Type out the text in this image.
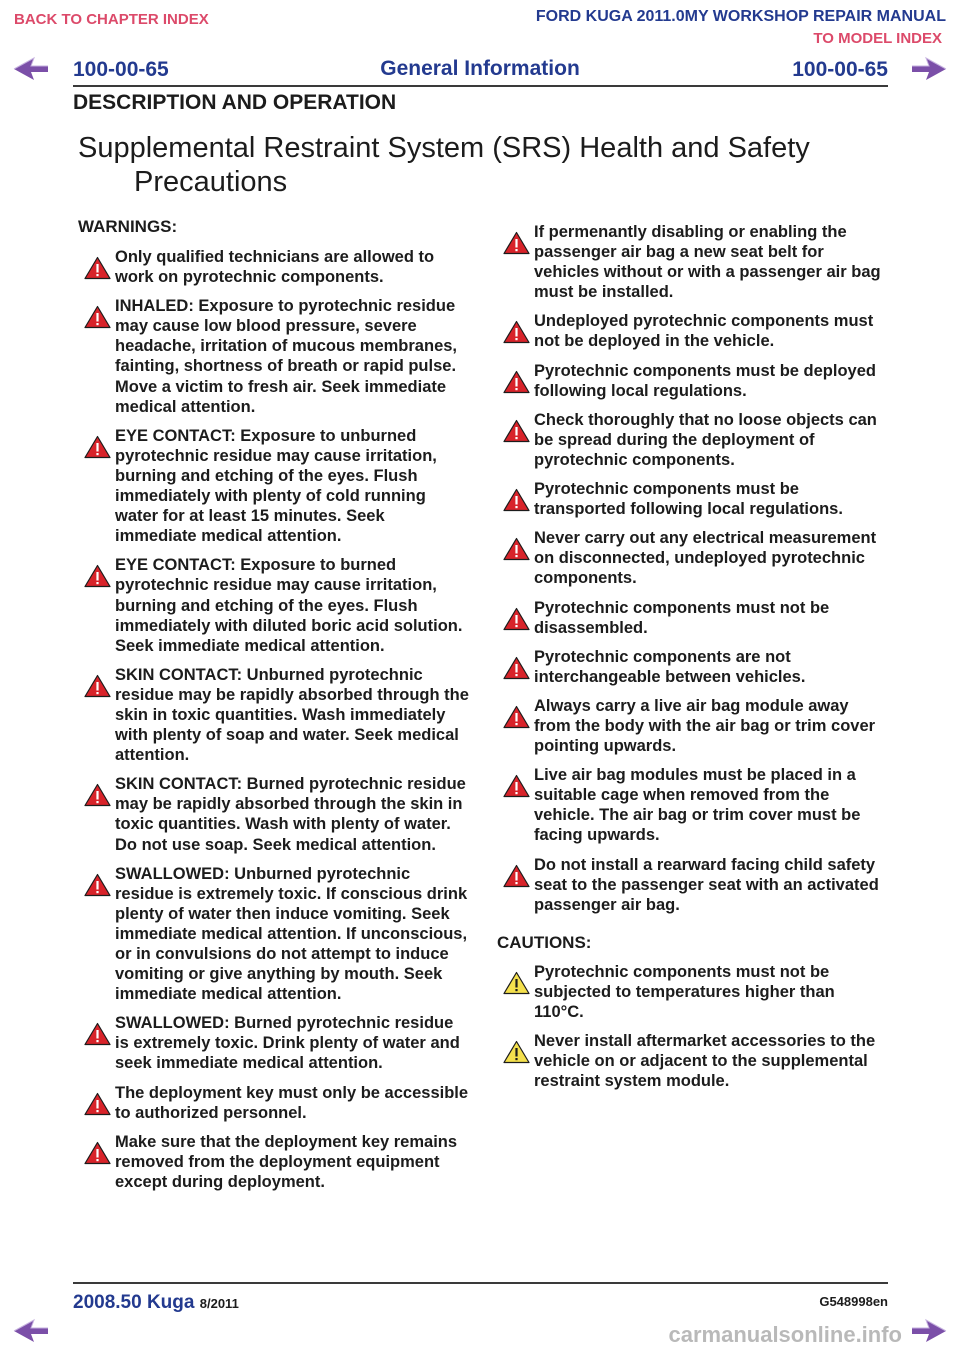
BACK TO CHAPTER INDEX	FORD KUGA 2011.0MY WORKSHOP REPAIR MANUAL
TO MODEL INDEX
100-00-65	General Information	100-00-65
DESCRIPTION AND OPERATION
Supplemental Restraint System (SRS) Health and Safety
Precautions
WARNINGS:
Only qualified technicians are allowed to work on pyrotechnic components.
INHALED: Exposure to pyrotechnic residue may cause low blood pressure, severe headache, irritation of mucous membranes, fainting, shortness of breath or rapid pulse. Move a victim to fresh air. Seek immediate medical attention.
EYE CONTACT: Exposure to unburned pyrotechnic residue may cause irritation, burning and etching of the eyes. Flush immediately with plenty of cold running water for at least 15 minutes. Seek immediate medical attention.
EYE CONTACT: Exposure to burned pyrotechnic residue may cause irritation, burning and etching of the eyes. Flush immediately with diluted boric acid solution. Seek immediate medical attention.
SKIN CONTACT: Unburned pyrotechnic residue may be rapidly absorbed through the skin in toxic quantities. Wash immediately with plenty of soap and water. Seek medical attention.
SKIN CONTACT: Burned pyrotechnic residue may be rapidly absorbed through the skin in toxic quantities. Wash with plenty of water. Do not use soap. Seek medical attention.
SWALLOWED: Unburned pyrotechnic residue is extremely toxic. If conscious drink plenty of water then induce vomiting. Seek immediate medical attention. If unconscious, or in convulsions do not attempt to induce vomiting or give anything by mouth. Seek immediate medical attention.
SWALLOWED: Burned pyrotechnic residue is extremely toxic. Drink plenty of water and seek immediate medical attention.
The deployment key must only be accessible to authorized personnel.
Make sure that the deployment key remains removed from the deployment equipment except during deployment.
If permenantly disabling or enabling the passenger air bag a new seat belt for vehicles without or with a passenger air bag must be installed.
Undeployed pyrotechnic components must not be deployed in the vehicle.
Pyrotechnic components must be deployed following local regulations.
Check thoroughly that no loose objects can be spread during the deployment of pyrotechnic components.
Pyrotechnic components must be transported following local regulations.
Never carry out any electrical measurement on disconnected, undeployed pyrotechnic components.
Pyrotechnic components must not be disassembled.
Pyrotechnic components are not interchangeable between vehicles.
Always carry a live air bag module away from the body with the air bag or trim cover pointing upwards.
Live air bag modules must be placed in a suitable cage when removed from the vehicle. The air bag or trim cover must be facing upwards.
Do not install a rearward facing child safety seat to the passenger seat with an activated passenger air bag.
CAUTIONS:
Pyrotechnic components must not be subjected to temperatures higher than 110°C.
Never install aftermarket accessories to the vehicle on or adjacent to the supplemental restraint system module.
2008.50 Kuga 8/2011	G548998en
carmanualsonline.info
